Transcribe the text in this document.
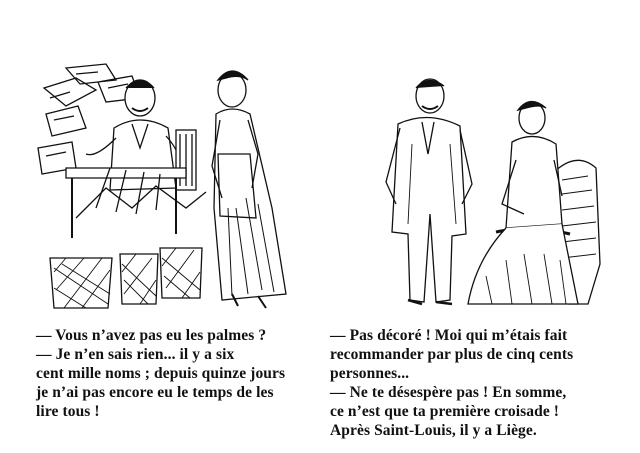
— Vous n’avez pas eu les palmes ?

— Je n’en sais rien... il y a six

cent mille noms ; depuis quinze jours

je n’ai pas encore eu le temps de les

lire tous !

— Pas décoré ! Moi qui m’étais fait

recommander par plus de cinq cents

personnes...

— Ne te désespère pas ! En somme,

ce n’est que ta première croisade !

Après Saint-Louis, il y a Liège.
